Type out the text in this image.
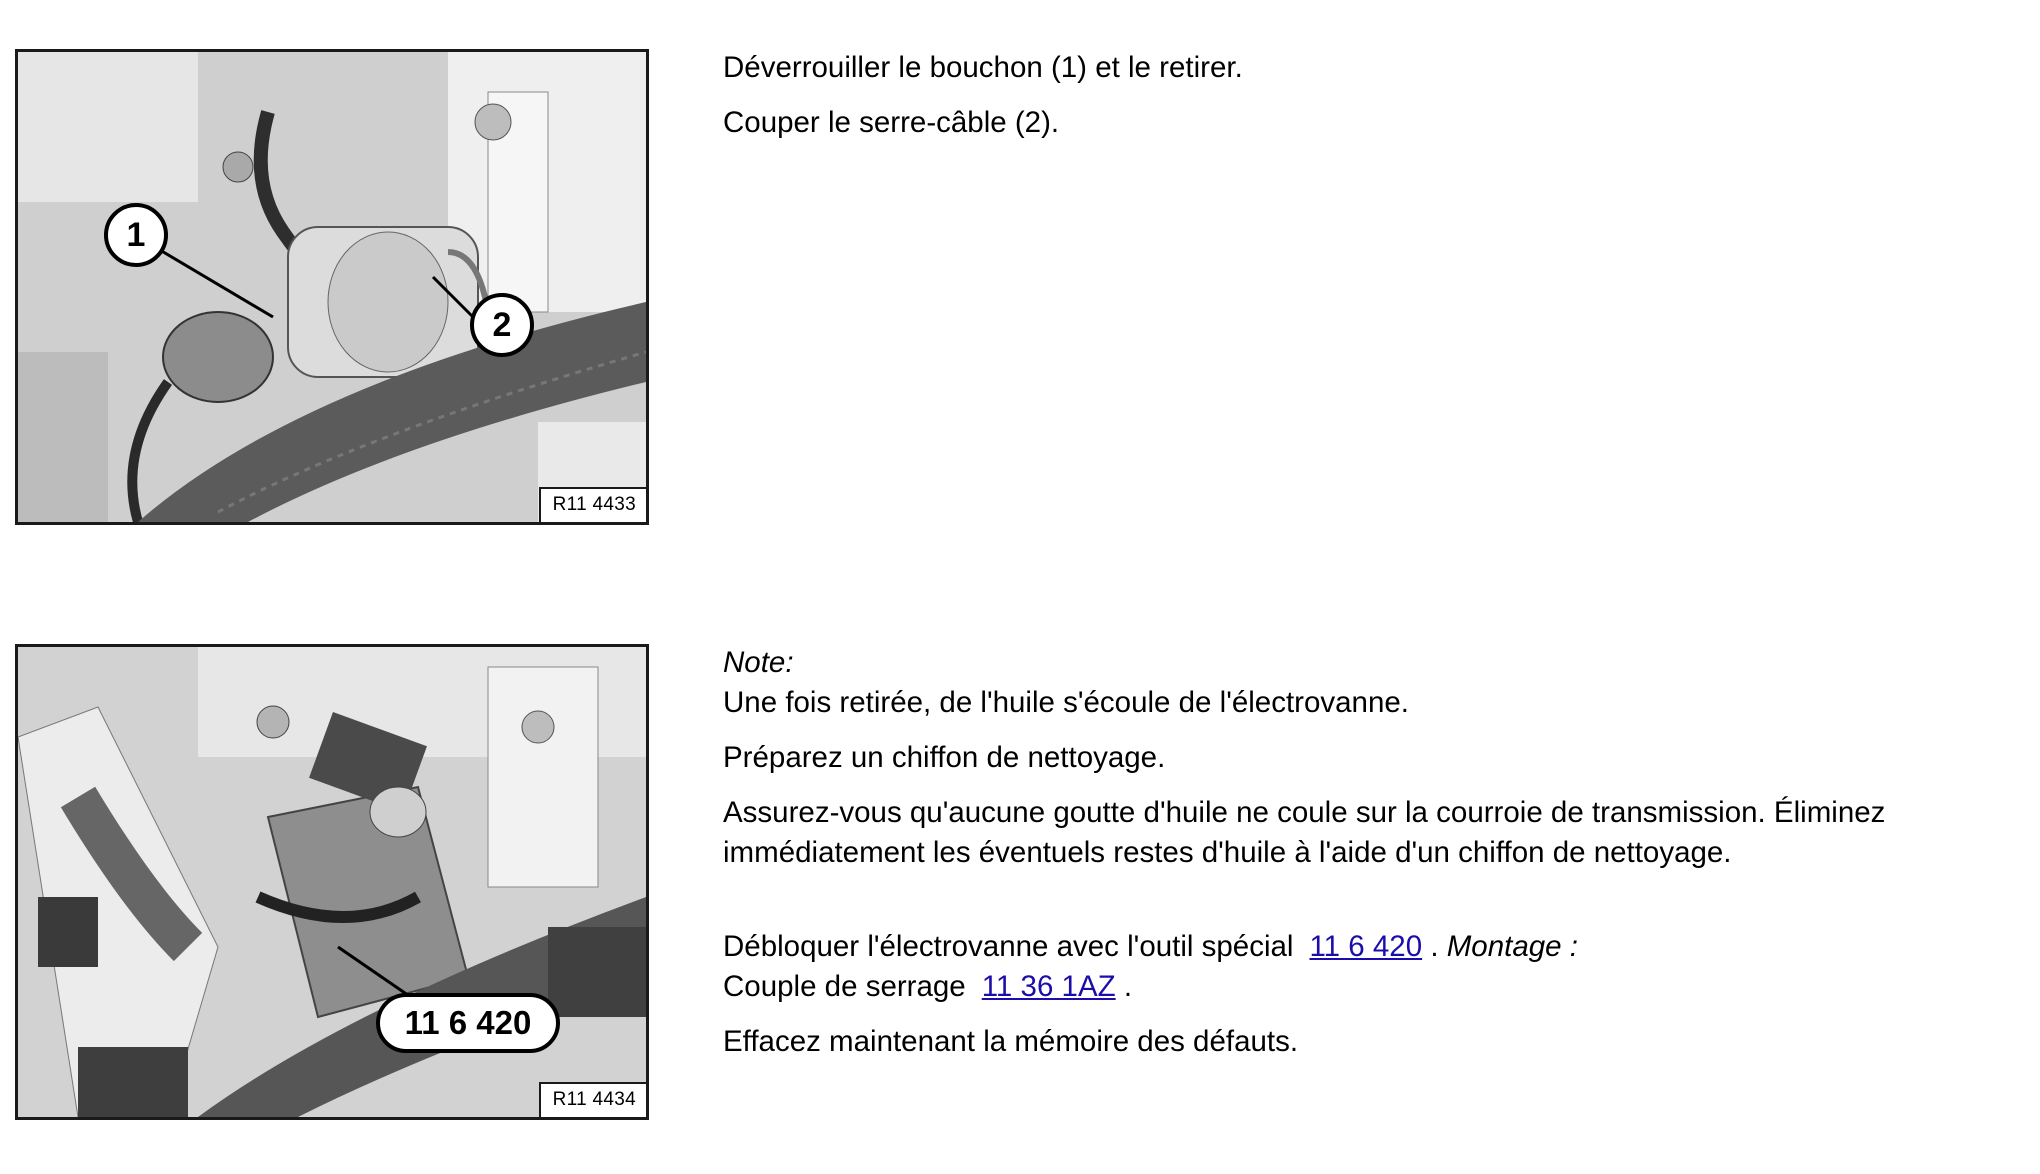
1
2
R11 4433

Déverrouiller le bouchon (1) et le retirer.

Couper le serre-câble (2).

11 6 420
R11 4434

Note:

Une fois retirée, de l'huile s'écoule de l'électrovanne.

Préparez un chiffon de nettoyage.

Assurez-vous qu'aucune goutte d'huile ne coule sur la courroie de transmission. Éliminez immédiatement les éventuels restes d'huile à l'aide d'un chiffon de nettoyage.

Débloquer l'électrovanne avec l'outil spécial 11 6 420 . Montage :

Couple de serrage 11 36 1AZ .

Effacez maintenant la mémoire des défauts.
